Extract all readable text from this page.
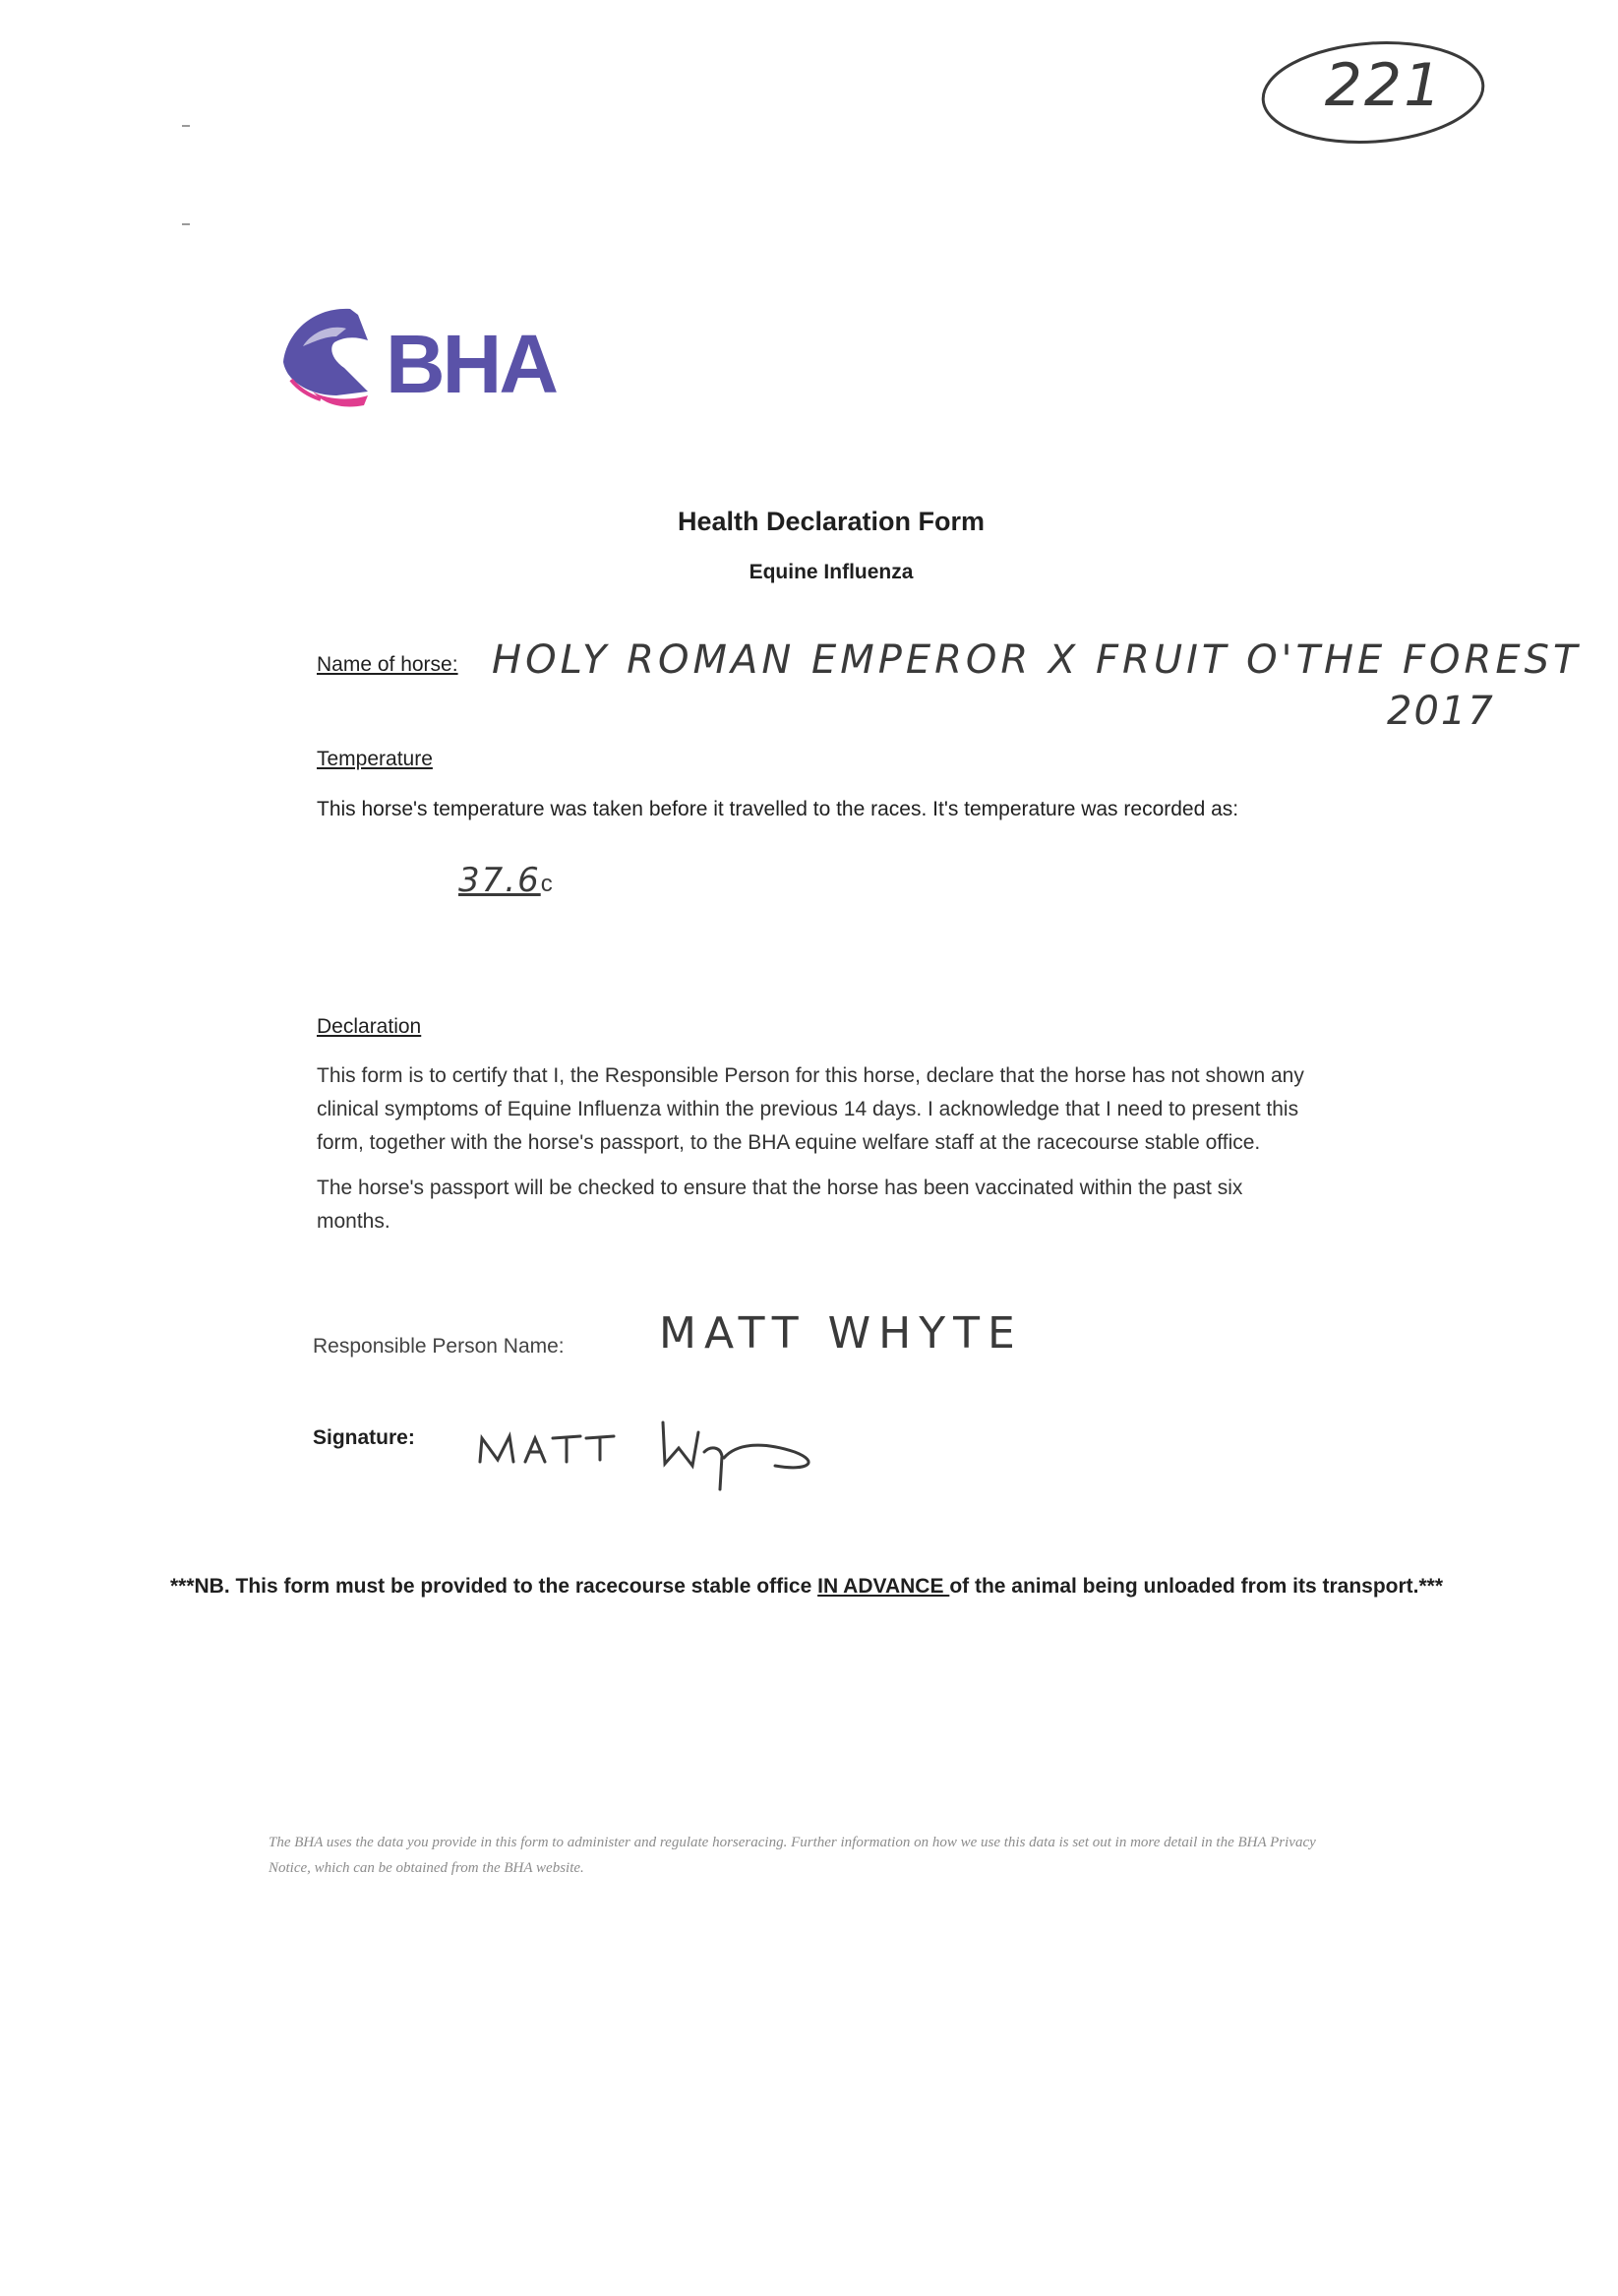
221
BHA
Health Declaration Form
Equine Influenza
Name of horse: HOLY ROMAN EMPEROR X FRUIT O'THE FOREST
2017
Temperature
This horse's temperature was taken before it travelled to the races. It's temperature was recorded as:
37.6c
Declaration

This form is to certify that I, the Responsible Person for this horse, declare that the horse has not shown any clinical symptoms of Equine Influenza within the previous 14 days. I acknowledge that I need to present this form, together with the horse's passport, to the BHA equine welfare staff at the racecourse stable office.

The horse's passport will be checked to ensure that the horse has been vaccinated within the past six months.

Responsible Person Name: MATT WHYTE
Signature:
***NB. This form must be provided to the racecourse stable office IN ADVANCE of the animal being unloaded from its transport.***
The BHA uses the data you provide in this form to administer and regulate horseracing. Further information on how we use this data is set out in more detail in the BHA Privacy Notice, which can be obtained from the BHA website.
